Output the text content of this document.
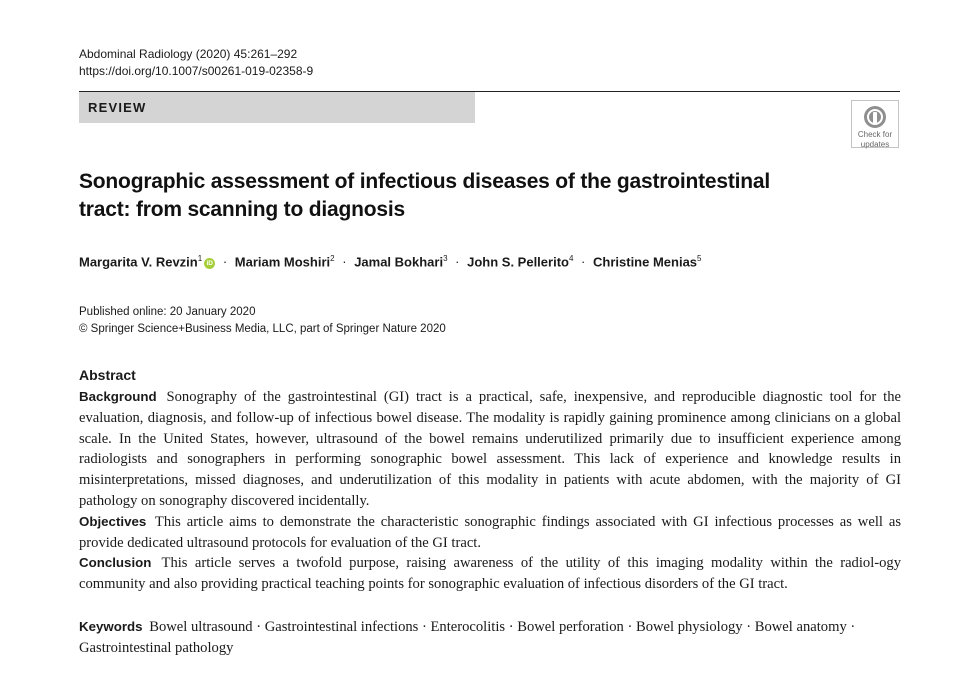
Abdominal Radiology (2020) 45:261–292
https://doi.org/10.1007/s00261-019-02358-9
REVIEW
Check for
updates
Sonographic assessment of infectious diseases of the gastrointestinal
tract: from scanning to diagnosis
Margarita V. Revzin$^1$iD · Mariam Moshiri$^2$ · Jamal Bokhari$^3$ · John S. Pellerito$^4$ · Christine Menias$^5$
Published online: 20 January 2020
© Springer Science+Business Media, LLC, part of Springer Nature 2020
Abstract

Background Sonography of the gastrointestinal (GI) tract is a practical, safe, inexpensive, and reproducible diagnostic tool for the evaluation, diagnosis, and follow-up of infectious bowel disease. The modality is rapidly gaining prominence among clinicians on a global scale. In the United States, however, ultrasound of the bowel remains underutilized primarily due to insufficient experience among radiologists and sonographers in performing sonographic bowel assessment. This lack of experience and knowledge results in misinterpretations, missed diagnoses, and underutilization of this modality in patients with acute abdomen, with the majority of GI pathology on sonography discovered incidentally.

Objectives This article aims to demonstrate the characteristic sonographic findings associated with GI infectious processes as well as provide dedicated ultrasound protocols for evaluation of the GI tract.

Conclusion This article serves a twofold purpose, raising awareness of the utility of this imaging modality within the radiol-ogy community and also providing practical teaching points for sonographic evaluation of infectious disorders of the GI tract.

Keywords Bowel ultrasound · Gastrointestinal infections · Enterocolitis · Bowel perforation · Bowel physiology · Bowel anatomy · Gastrointestinal pathology
